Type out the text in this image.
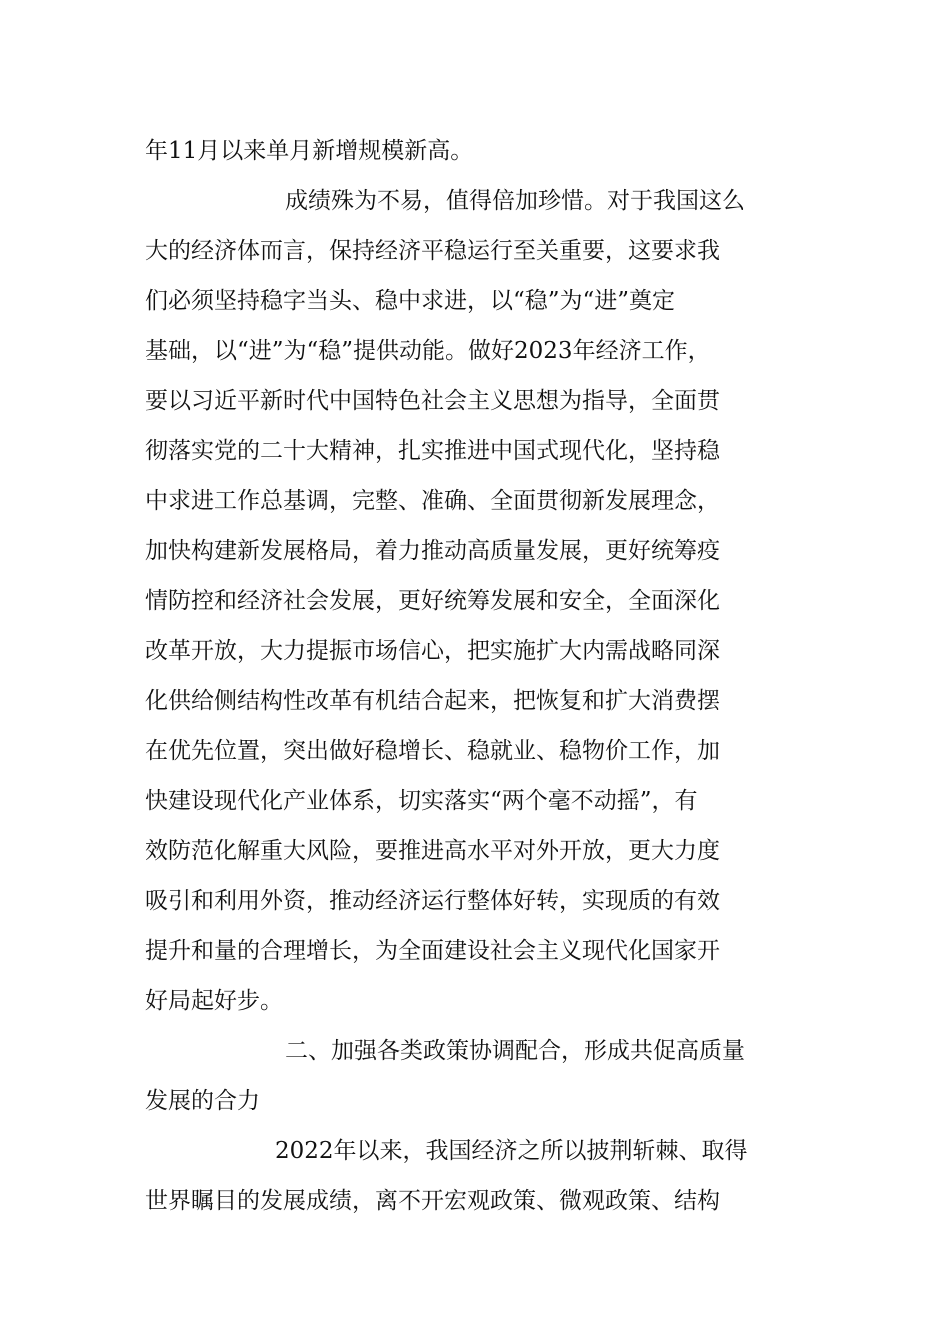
年11月以来单月新增规模新高。
成绩殊为不易，值得倍加珍惜。对于我国这么
大的经济体而言，保持经济平稳运行至关重要，这要求我
们必须坚持稳字当头、稳中求进，以“稳”为“进”奠定
基础，以“进”为“稳”提供动能。做好2023年经济工作，
要以习近平新时代中国特色社会主义思想为指导，全面贯
彻落实党的二十大精神，扎实推进中国式现代化，坚持稳
中求进工作总基调，完整、准确、全面贯彻新发展理念，
加快构建新发展格局，着力推动高质量发展，更好统筹疫
情防控和经济社会发展，更好统筹发展和安全，全面深化
改革开放，大力提振市场信心，把实施扩大内需战略同深
化供给侧结构性改革有机结合起来，把恢复和扩大消费摆
在优先位置，突出做好稳增长、稳就业、稳物价工作，加
快建设现代化产业体系，切实落实“两个毫不动摇”，有
效防范化解重大风险，要推进高水平对外开放，更大力度
吸引和利用外资，推动经济运行整体好转，实现质的有效
提升和量的合理增长，为全面建设社会主义现代化国家开
好局起好步。
二、加强各类政策协调配合，形成共促高质量
发展的合力
2022年以来，我国经济之所以披荆斩棘、取得
世界瞩目的发展成绩，离不开宏观政策、微观政策、结构
